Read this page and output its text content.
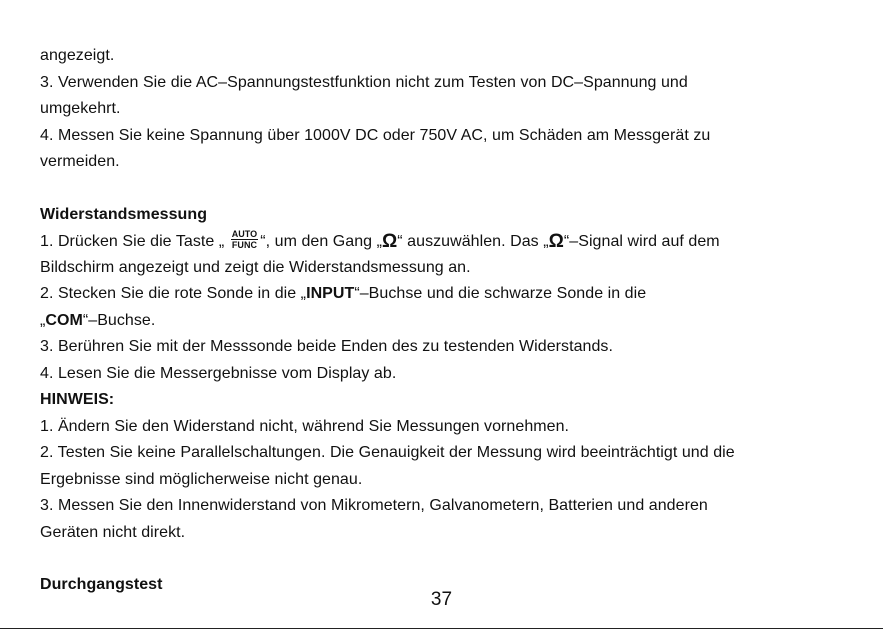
angezeigt.
3. Verwenden Sie die AC–Spannungstestfunktion nicht zum Testen von DC–Spannung und
umgekehrt.
4. Messen Sie keine Spannung über 1000V DC oder 750V AC, um Schäden am Messgerät zu
vermeiden.
Widerstandsmessung
1. Drücken Sie die Taste „ $\frac{\text{AUTO}}{\text{FUNC}}$ “, um den Gang „Ω“ auszuwählen. Das „Ω“–Signal wird auf dem
Bildschirm angezeigt und zeigt die Widerstandsmessung an.
2. Stecken Sie die rote Sonde in die „INPUT“–Buchse und die schwarze Sonde in die
„COM“–Buchse.
3. Berühren Sie mit der Messsonde beide Enden des zu testenden Widerstands.
4. Lesen Sie die Messergebnisse vom Display ab.
HINWEIS:
1. Ändern Sie den Widerstand nicht, während Sie Messungen vornehmen.
2. Testen Sie keine Parallelschaltungen. Die Genauigkeit der Messung wird beeinträchtigt und die
Ergebnisse sind möglicherweise nicht genau.
3. Messen Sie den Innenwiderstand von Mikrometern, Galvanometern, Batterien und anderen
Geräten nicht direkt.
Durchgangstest
37
